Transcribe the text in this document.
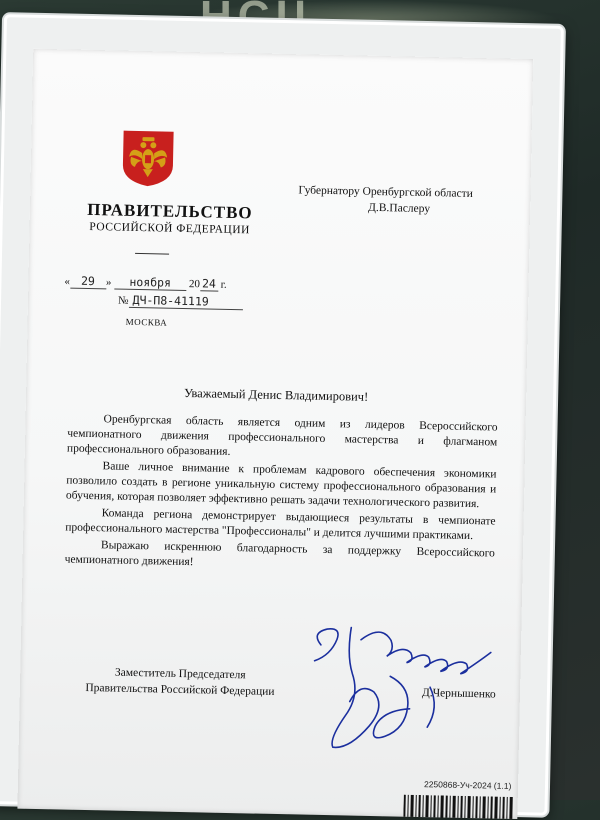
ПРАВИТЕЛЬСТВО
РОССИЙСКОЙ ФЕДЕРАЦИИ
« 29 » ноября 20 24 г.
№ ДЧ-П8-41119
МОСКВА
Губернатору Оренбургской области
Д.В.Паслеру
Уважаемый Денис Владимирович!

Оренбургская область является одним из лидеров Всероссийского чемпионатного движения профессионального мастерства и флагманом профессионального образования.

Ваше личное внимание к проблемам кадрового обеспечения экономики позволило создать в регионе уникальную систему профессионального образования и обучения, которая позволяет эффективно решать задачи технологического развития.

Команда региона демонстрирует выдающиеся результаты в чемпионате профессионального мастерства "Профессионалы" и делится лучшими практиками.

Выражаю искреннюю благодарность за поддержку Всероссийского чемпионатного движения!

Заместитель Председателя
Правительства Российской Федерации	Д.Чернышенко
2250868-Уч-2024 (1.1)
